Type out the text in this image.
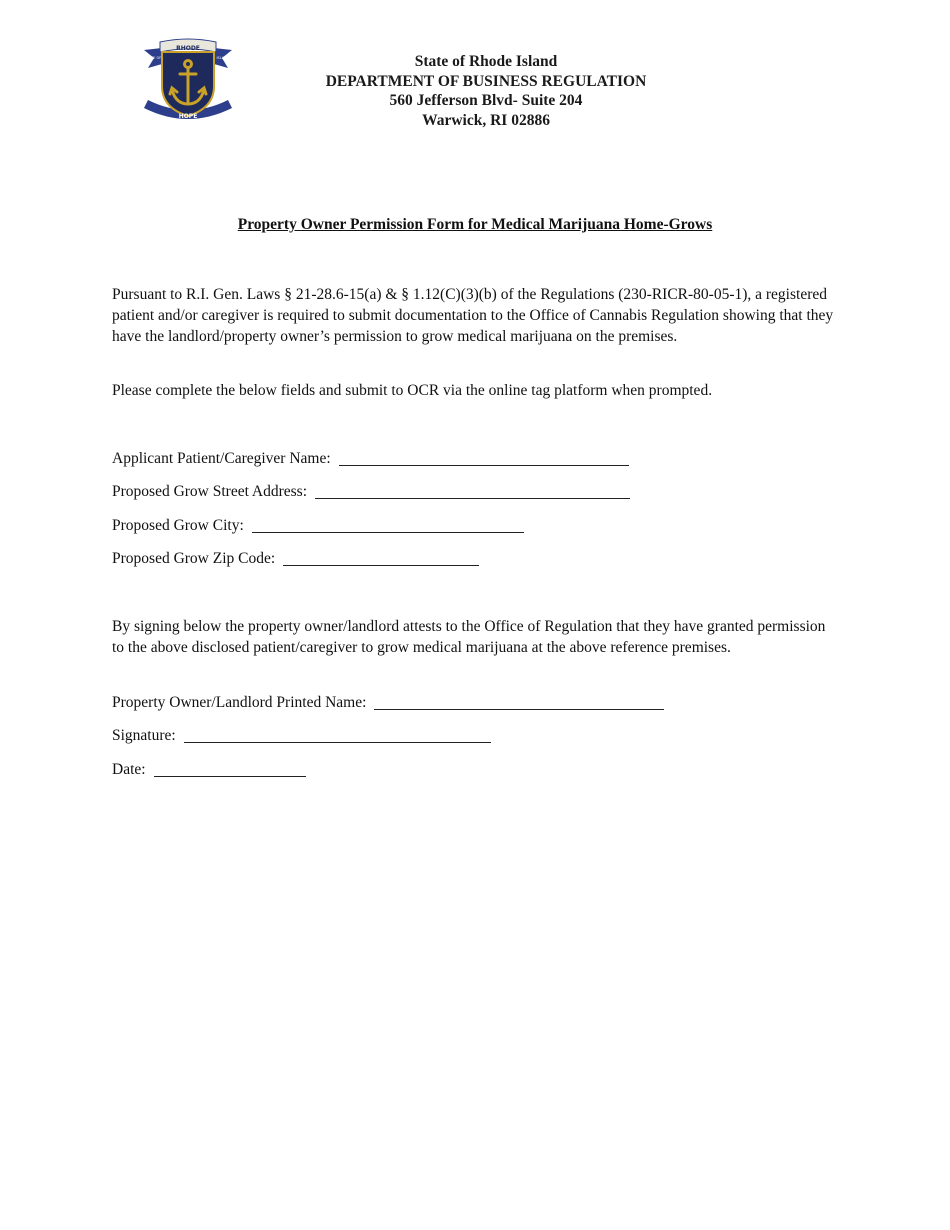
RHODE
STATE OF	ISLAND
HOPE
State of Rhode Island
DEPARTMENT OF BUSINESS REGULATION
560 Jefferson Blvd- Suite 204
Warwick, RI 02886
Property Owner Permission Form for Medical Marijuana Home-Grows

Pursuant to R.I. Gen. Laws § 21-28.6-15(a) & § 1.12(C)(3)(b) of the Regulations (230-RICR-80-05-1), a registered patient and/or caregiver is required to submit documentation to the Office of Cannabis Regulation showing that they have the landlord/property owner’s permission to grow medical marijuana on the premises.

Please complete the below fields and submit to OCR via the online tag platform when prompted.

Applicant Patient/Caregiver Name:
Proposed Grow Street Address:
Proposed Grow City:
Proposed Grow Zip Code:

By signing below the property owner/landlord attests to the Office of Regulation that they have granted permission to the above disclosed patient/caregiver to grow medical marijuana at the above reference premises.

Property Owner/Landlord Printed Name:
Signature:
Date:
